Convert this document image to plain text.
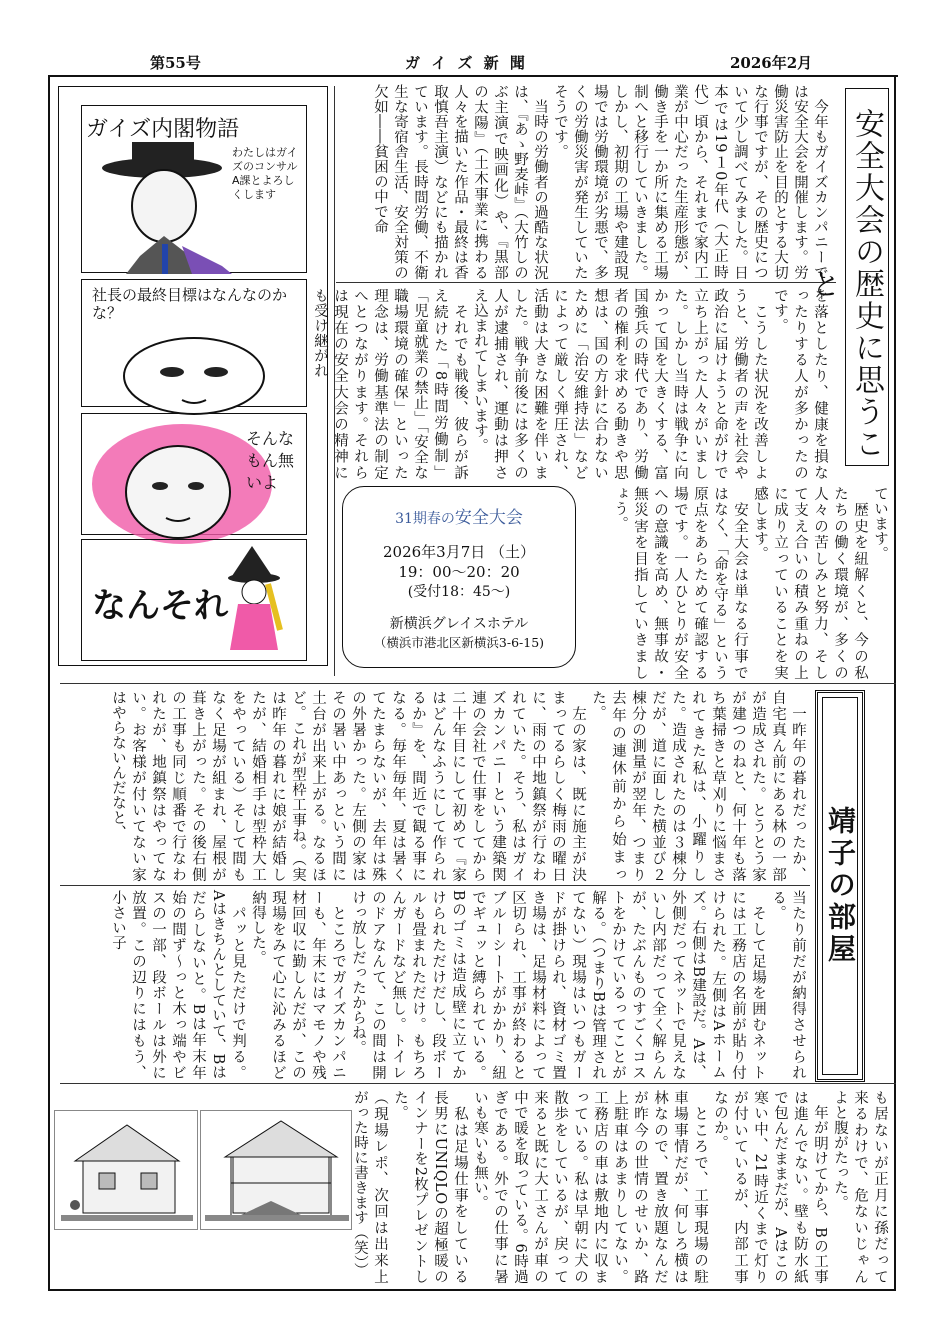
第55号	ガ イ ズ 新 聞	2026年2月
安全大会の歴史に思うこと

　今年もガイズカンパニーでは安全大会を開催します。労働災害防止を目的とする大切な行事ですが、その歴史について少し調べてみました。日本では19１0年代（大正時代）頃から、それまで家内工業が中心だった生産形態が、働き手を一か所に集める工場制へと移行していきました。しかし、初期の工場や建設現場では労働環境が劣悪で、多くの労働災害が発生していたそうです。

　当時の労働者の過酷な状況は、『あゝ野麦峠』（大竹しのぶ主演で映画化）や、『黒部の太陽』（土木事業に携わる人々を描いた作品・最終は香取慎吾主演）などにも描かれています。長時間労働、不衛生な寄宿舎生活、安全対策の欠如――貧困の中で命

を落としたり、健康を損なったりする人が多かったのです。

　こうした状況を改善しようと、労働者の声を社会や政治に届けようと命がけで立ち上がった人々がいました。しかし当時は戦争に向かって国を大きくする、富国強兵の時代であり、労働者の権利を求める動きや思想は、国の方針に合わないために「治安維持法」などによって厳しく弾圧され、活動は大きな困難を伴いました。戦争前後には多くの人が逮捕され、運動は押さえ込まれてしまいます。

　それでも戦後、彼らが訴え続けた「8時間労働制」「児童就業の禁止」「安全な職場環境の確保」といった理念は、労働基準法の制定へとつながります。それらは現在の安全大会の精神にも受け継がれ

ています。

　歴史を紐解くと、今の私たちの働く環境が、多くの人々の苦しみと努力、そして支え合いの積み重ねの上に成り立っていることを実感します。

　安全大会は単なる行事ではなく、「命を守る」という原点をあらためて確認する場です。一人ひとりが安全への意識を高め、無事故・無災害を目指していきましょう。

31期春の安全大会
2026年3月7日 （土）
19：00～20：20
(受付18：45～)
新横浜グレイスホテル
（横浜市港北区新横浜3-6-15)
ガイズ内閣物語
わたしはガイズのコンサルA課とよろしくします
社長の最終目標はなんなのかな？
そんなもん無いよ
なんそれ
靖子の部屋

　一昨年の暮れだったか、自宅真ん前にある林の一部が造成された。とうとう家が建つのねと、何十年も落ち葉掃きと草刈りに悩まされてきた私は、小躍りした。造成されたのは３棟分だが、道に面した横並び２棟分の測量が翌年、つまり去年の連休前から始まった。

　左の家は、既に施主が決まってるらしく梅雨の曜日に、雨の中地鎮祭が行なわれていた。そう、私はガイズカンパニーという建築関連の会社で仕事をしてから二十年目にして初めて『家はどんなふうにして作られるか』を、間近で観る事になる。毎年毎年、夏は暑くてたまらないが、去年は殊の外暑かった。左側の家はその暑い中あっという間に土台が出来上がる。なるほど。これが型枠工事ね。（実は昨年の暮れに娘が結婚したが、結婚相手は型枠大工をやっている）そして間もなく足場が組まれ、屋根が葺き上がった。その後右側の工事も同じ順番で行なわれたが、地鎮祭はやってない。お客様が付いてない家はやらないんだなと、

当たり前だが納得させられる。

　そして足場を囲むネットには工務店の名前が貼り付けられた。左側はAホームズ。右側はB建設だ。Aは、外側だってネットで見えないし内部だって全く解らんが、たぶんものすごくコストをかけているってことが解る。（つまりBは管理されてない）現場はいつもガードが掛けられ、資材ゴミ置き場は、足場材料によって区切られ、工事が終わるとブルーシートがかかり、紐でギュッと縛られている。Bのゴミは造成壁に立てかけられただけだし、段ボールも畳まれただけ。もちろんガードなど無し。トイレのドアなんて、この間は開けっ放しだったからね。

　ところでガイズカンパニーも、年末にはマモノや残材回収に勤しんだが、この現場をみて心に沁みるほど納得した。

　パッと見ただけで判る。Aはきちんとしていて、Bはだらしないと。Bは年末年始の間ず～っと木っ端やビスの一部、段ボールは外に放置。この辺りにはもう、小さい子

も居ないが正月に孫だって来るわけで、危ないじゃんよと腹がたった。

　年が明けてから、Bの工事は進んでない。壁も防水紙で包んだままだが、Aはこの寒い中、21時近くまで灯りが付いているが、内部工事なのか。

　ところで、工事現場の駐車場事情だが、何しろ横は林なので、置き放題なんだが昨今の世情のせいか、路上駐車はあまりしてない。工務店の車は敷地内に収まっている。私は早朝に犬の散歩をしているが、戻って来ると既に大工さんが車の中で暖を取っている。6時過ぎである。外での仕事に暑いも寒いも無い。

　私は足場仕事をしている長男にUNIQLOの超極暖のインナーを2枚プレゼントした。

（現場レポ、次回は出来上がった時に書きます（笑））
